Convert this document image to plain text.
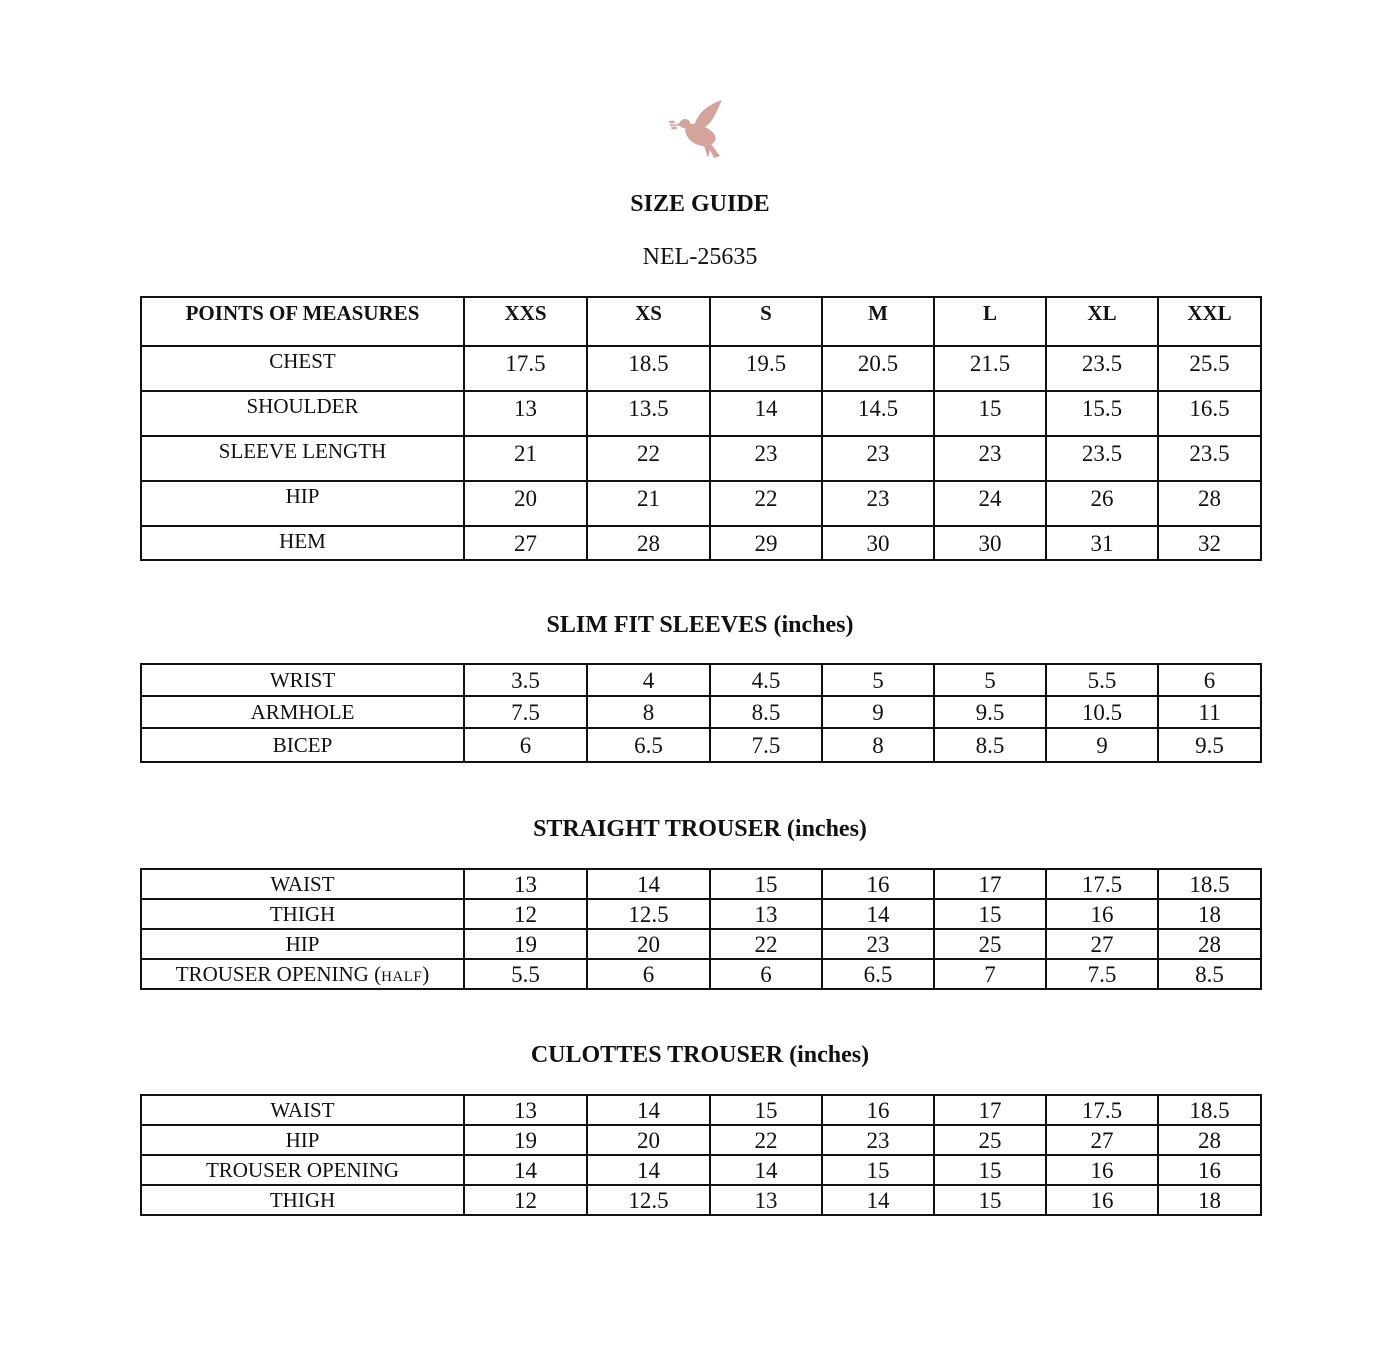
SIZE GUIDE
NEL-25635
POINTS OF MEASURES	XXS	XS	S	M	L	XL	XXL
CHEST	17.5	18.5	19.5	20.5	21.5	23.5	25.5
SHOULDER	13	13.5	14	14.5	15	15.5	16.5
SLEEVE LENGTH	21	22	23	23	23	23.5	23.5
HIP	20	21	22	23	24	26	28
HEM	27	28	29	30	30	31	32
SLIM FIT SLEEVES (inches)
WRIST	3.5	4	4.5	5	5	5.5	6
ARMHOLE	7.5	8	8.5	9	9.5	10.5	11
BICEP	6	6.5	7.5	8	8.5	9	9.5
STRAIGHT TROUSER (inches)
WAIST	13	14	15	16	17	17.5	18.5
THIGH	12	12.5	13	14	15	16	18
HIP	19	20	22	23	25	27	28
TROUSER OPENING (HALF)	5.5	6	6	6.5	7	7.5	8.5
CULOTTES TROUSER (inches)
WAIST	13	14	15	16	17	17.5	18.5
HIP	19	20	22	23	25	27	28
TROUSER OPENING	14	14	14	15	15	16	16
THIGH	12	12.5	13	14	15	16	18
